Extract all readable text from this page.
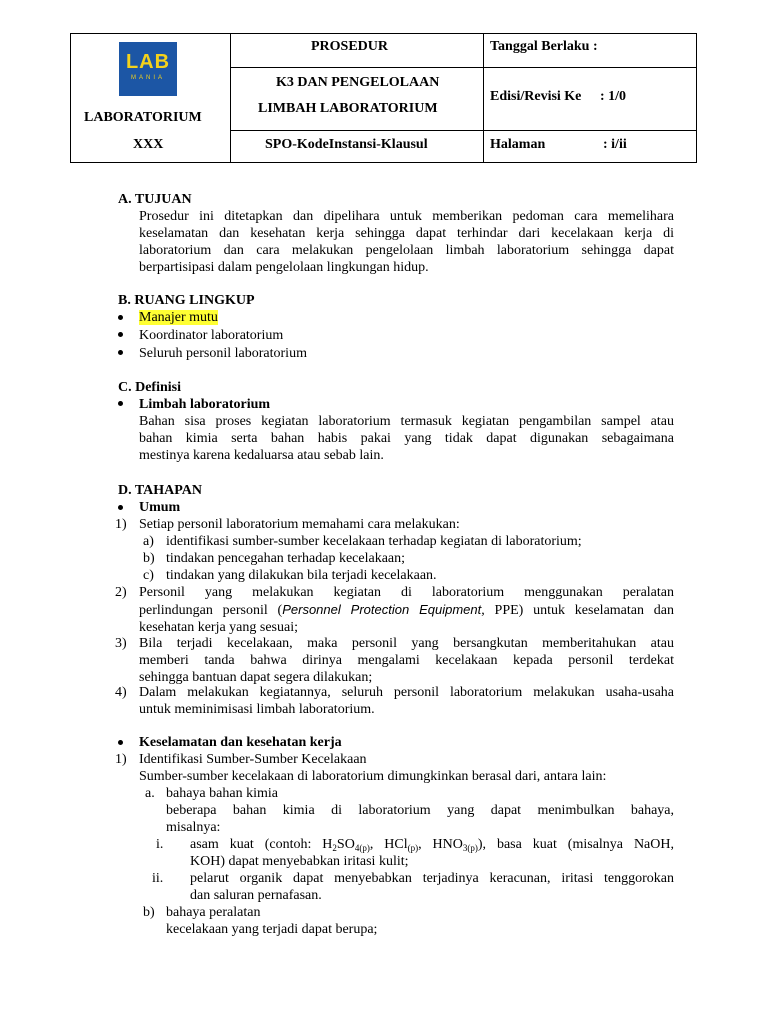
LAB
MANIA
LABORATORIUM
XXX
PROSEDUR
K3 DAN PENGELOLAAN
LIMBAH LABORATORIUM
SPO-KodeInstansi-Klausul
Tanggal Berlaku :
Edisi/Revisi Ke : 1/0
Halaman	: i/ii
A. TUJUAN
Prosedur ini ditetapkan dan dipelihara untuk memberikan pedoman cara memelihara
keselamatan dan kesehatan kerja sehingga dapat terhindar dari kecelakaan kerja di
laboratorium dan cara melakukan pengelolaan limbah laboratorium sehingga dapat
berpartisipasi dalam pengelolaan lingkungan hidup.
B. RUANG LINGKUP
Manajer mutu
Koordinator laboratorium
Seluruh personil laboratorium
C. Definisi
Limbah laboratorium
Bahan sisa proses kegiatan laboratorium termasuk kegiatan pengambilan sampel atau
bahan kimia serta bahan habis pakai yang tidak dapat digunakan sebagaimana
mestinya karena kedaluarsa atau sebab lain.
D. TAHAPAN
Umum
1) Setiap personil laboratorium memahami cara melakukan:
a) identifikasi sumber-sumber kecelakaan terhadap kegiatan di laboratorium;
b) tindakan pencegahan terhadap kecelakaan;
c) tindakan yang dilakukan bila terjadi kecelakaan.
2) Personil yang melakukan kegiatan di laboratorium menggunakan peralatan
perlindungan personil (Personnel Protection Equipment, PPE) untuk keselamatan dan
kesehatan kerja yang sesuai;
3) Bila terjadi kecelakaan, maka personil yang bersangkutan memberitahukan atau
memberi tanda bahwa dirinya mengalami kecelakaan kepada personil terdekat
sehingga bantuan dapat segera dilakukan;
4) Dalam melakukan kegiatannya, seluruh personil laboratorium melakukan usaha-usaha
untuk meminimisasi limbah laboratorium.
Keselamatan dan kesehatan kerja
1) Identifikasi Sumber-Sumber Kecelakaan
Sumber-sumber kecelakaan di laboratorium dimungkinkan berasal dari, antara lain:
a. bahaya bahan kimia
beberapa bahan kimia di laboratorium yang dapat menimbulkan bahaya,
misalnya:
i. asam kuat (contoh: $H_2SO_{4(p)}$, HCl$_{(p)}$, $HNO_{3(p)}$), basa kuat (misalnya NaOH,
KOH) dapat menyebabkan iritasi kulit;
ii. pelarut organik dapat menyebabkan terjadinya keracunan, iritasi tenggorokan
dan saluran pernafasan.
b) bahaya peralatan
kecelakaan yang terjadi dapat berupa;
